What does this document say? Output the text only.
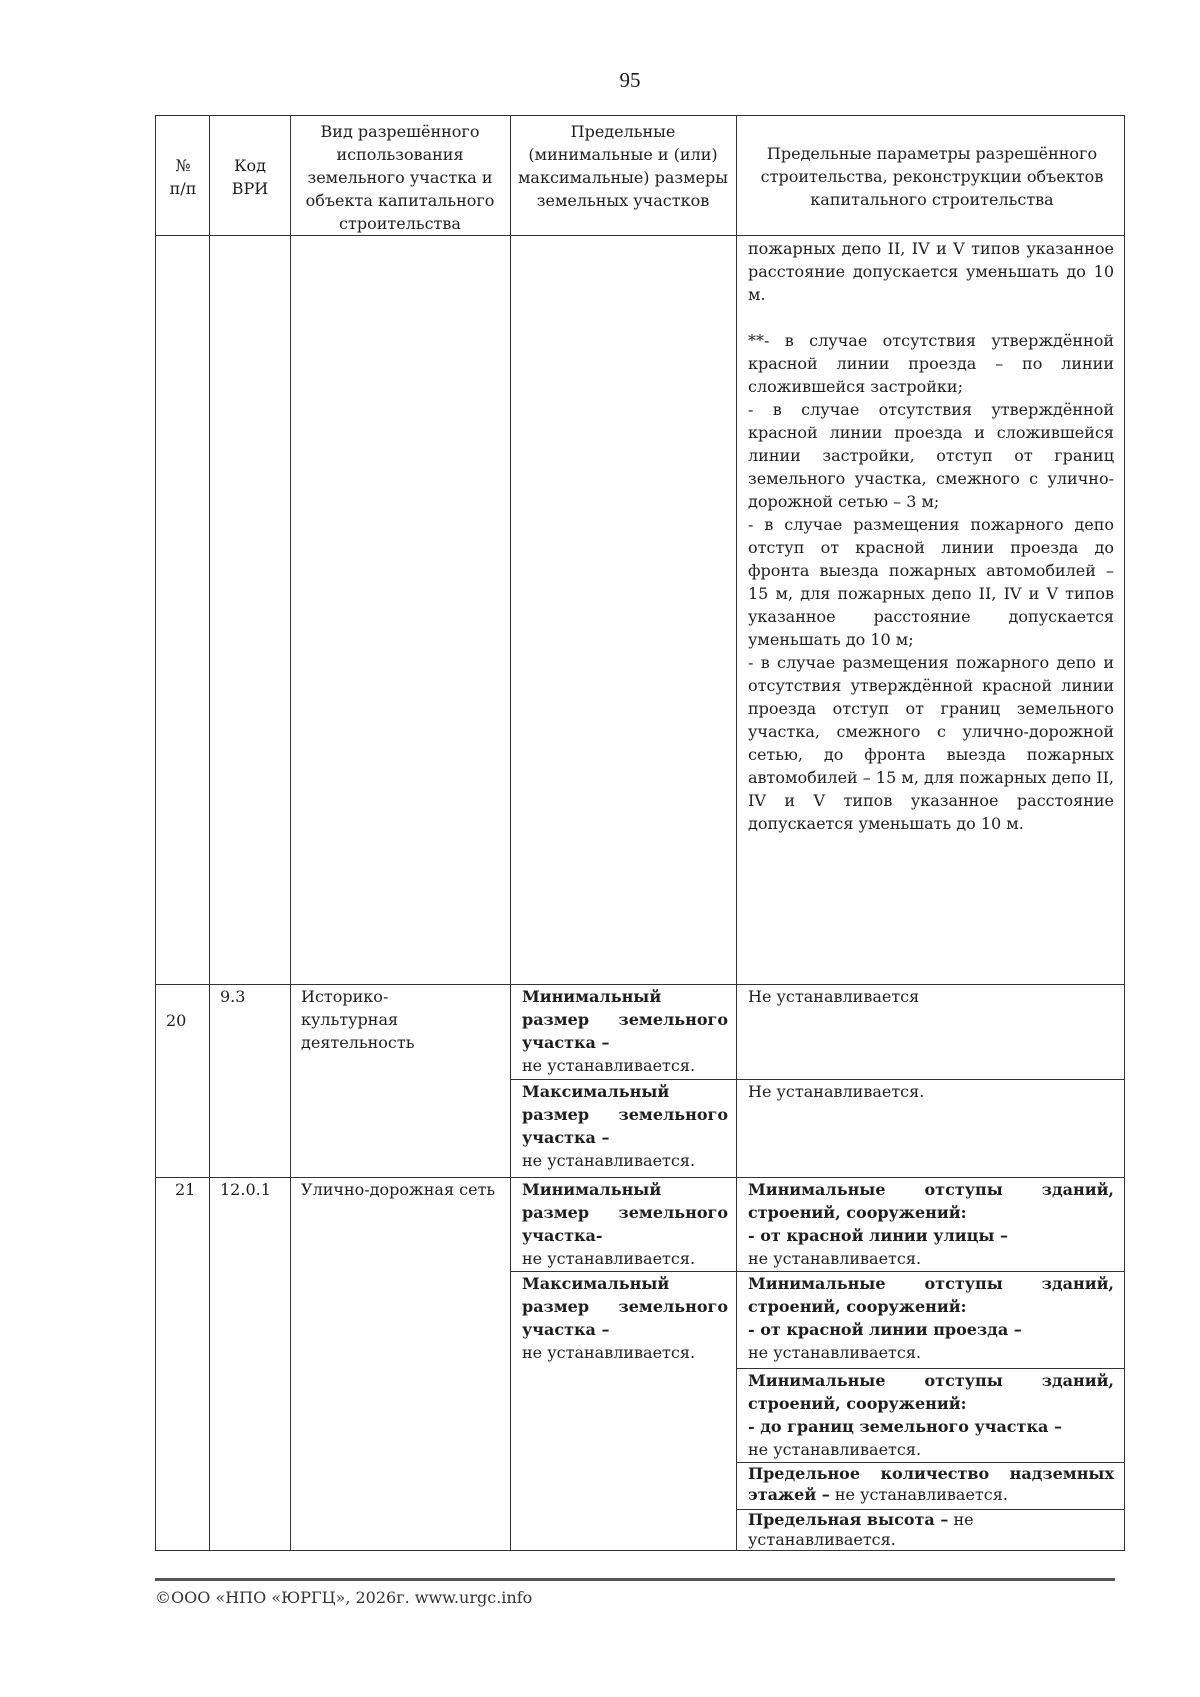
95
№ п/п
Код ВРИ
Вид разрешённого использования земельного участка и объекта капитального строительства
Предельные (минимальные и (или) максимальные) размеры земельных участков
Предельные параметры разрешённого строительства, реконструкции объектов капитального строительства
пожарных депо II, IV и V типов указанное расстояние допускается уменьшать до 10 м.
**- в случае отсутствия утверждённой красной линии проезда – по линии сложившейся застройки;
- в случае отсутствия утверждённой красной линии проезда и сложившейся линии застройки, отступ от границ земельного участка, смежного с улично-дорожной сетью – 3 м;
- в случае размещения пожарного депо отступ от красной линии проезда до фронта выезда пожарных автомобилей – 15 м, для пожарных депо II, IV и V типов указанное расстояние допускается уменьшать до 10 м;
- в случае размещения пожарного депо и отсутствия утверждённой красной линии проезда отступ от границ земельного участка, смежного с улично-дорожной сетью, до фронта выезда пожарных автомобилей – 15 м, для пожарных депо II, IV и V типов указанное расстояние допускается уменьшать до 10 м.
20
9.3	Историко-культурная деятельность
Минимальный размер земельного участка –
не устанавливается.
Не устанавливается
Максимальный размер земельного участка –
не устанавливается.
Не устанавливается.
21 12.0.1 Улично-дорожная сеть	Минимальный размер земельного участка-
не устанавливается.
Максимальный размер земельного участка –
не устанавливается.
Минимальные отступы зданий, строений, сооружений:
- от красной линии улицы –
не устанавливается.
Минимальные отступы зданий, строений, сооружений:
- от красной линии проезда –
не устанавливается.
Минимальные отступы зданий, строений, сооружений:
- до границ земельного участка –
не устанавливается.
Предельное количество надземных этажей – не устанавливается.
Предельная высота – не устанавливается.
©ООО «НПО «ЮРГЦ», 2026г. www.urgc.info
